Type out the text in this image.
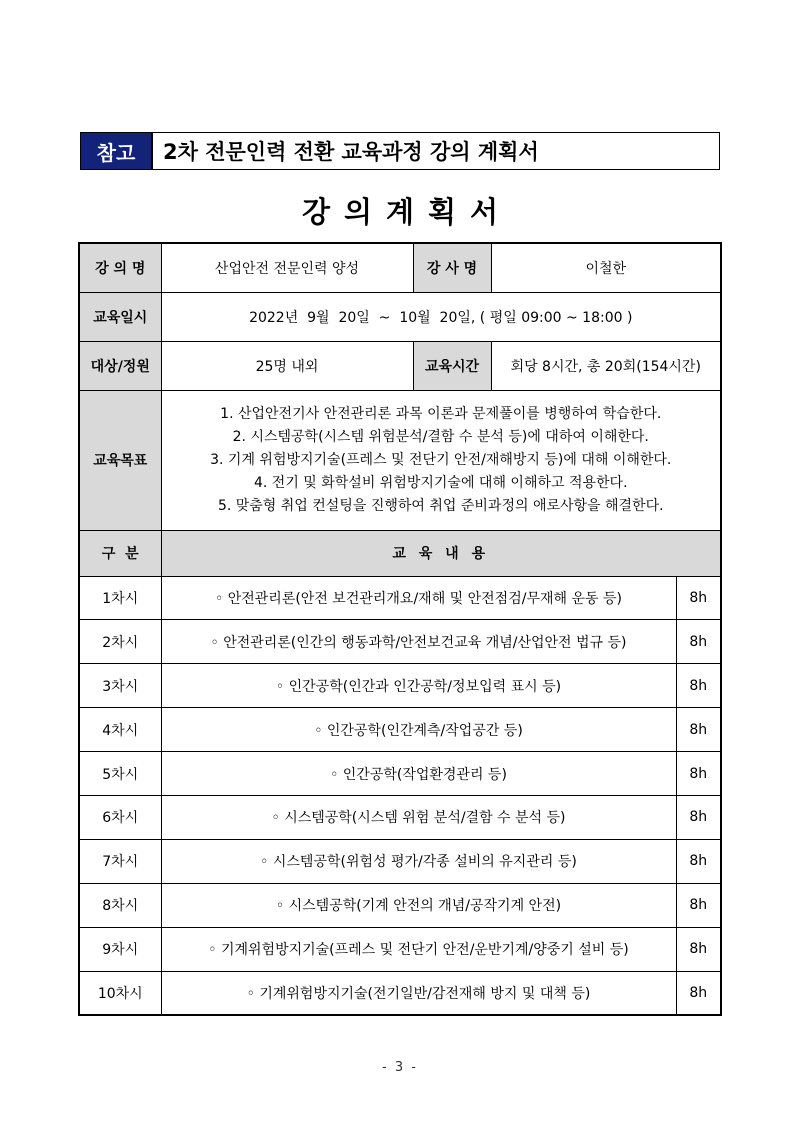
참고	2차 전문인력 전환 교육과정 강의 계획서
강의계획서
강 의 명	산업안전 전문인력 양성	강 사 명	이철한	
교육일시	2022년  9월  20일  ~  10월  20일, ( 평일 09:00 ~ 18:00 )			
대상/정원	25명 내외	교육시간	회당 8시간, 총 20회(154시간)	
교육목표	1. 산업안전기사 안전관리론 과목 이론과 문제풀이를 병행하여 학습한다.
2. 시스템공학(시스템 위험분석/결함 수 분석 등)에 대하여 이해한다.
3. 기계 위험방지기술(프레스 및 전단기 안전/재해방지 등)에 대해 이해한다.
4. 전기 및 화학설비 위험방지기술에 대해 이해하고 적용한다.
5. 맞춤형 취업 컨설팅을 진행하여 취업 준비과정의 애로사항을 해결한다.			

구  분	교 육 내 용			
1차시	◦ 안전관리론(안전 보건관리개요/재해 및 안전점검/무재해 운동 등)			8h
2차시	◦ 안전관리론(인간의 행동과학/안전보건교육 개념/산업안전 법규 등)			8h
3차시	◦ 인간공학(인간과 인간공학/정보입력 표시 등)			8h
4차시	◦ 인간공학(인간계측/작업공간 등)			8h
5차시	◦ 인간공학(작업환경관리 등)			8h
6차시	◦ 시스템공학(시스템 위험 분석/결함 수 분석 등)			8h
7차시	◦ 시스템공학(위험성 평가/각종 설비의 유지관리 등)			8h
8차시	◦ 시스템공학(기계 안전의 개념/공작기계 안전)			8h
9차시	◦ 기계위험방지기술(프레스 및 전단기 안전/운반기계/양중기 설비 등)			8h
10차시	◦ 기계위험방지기술(전기일반/감전재해 방지 및 대책 등)			8h
- 3 -
